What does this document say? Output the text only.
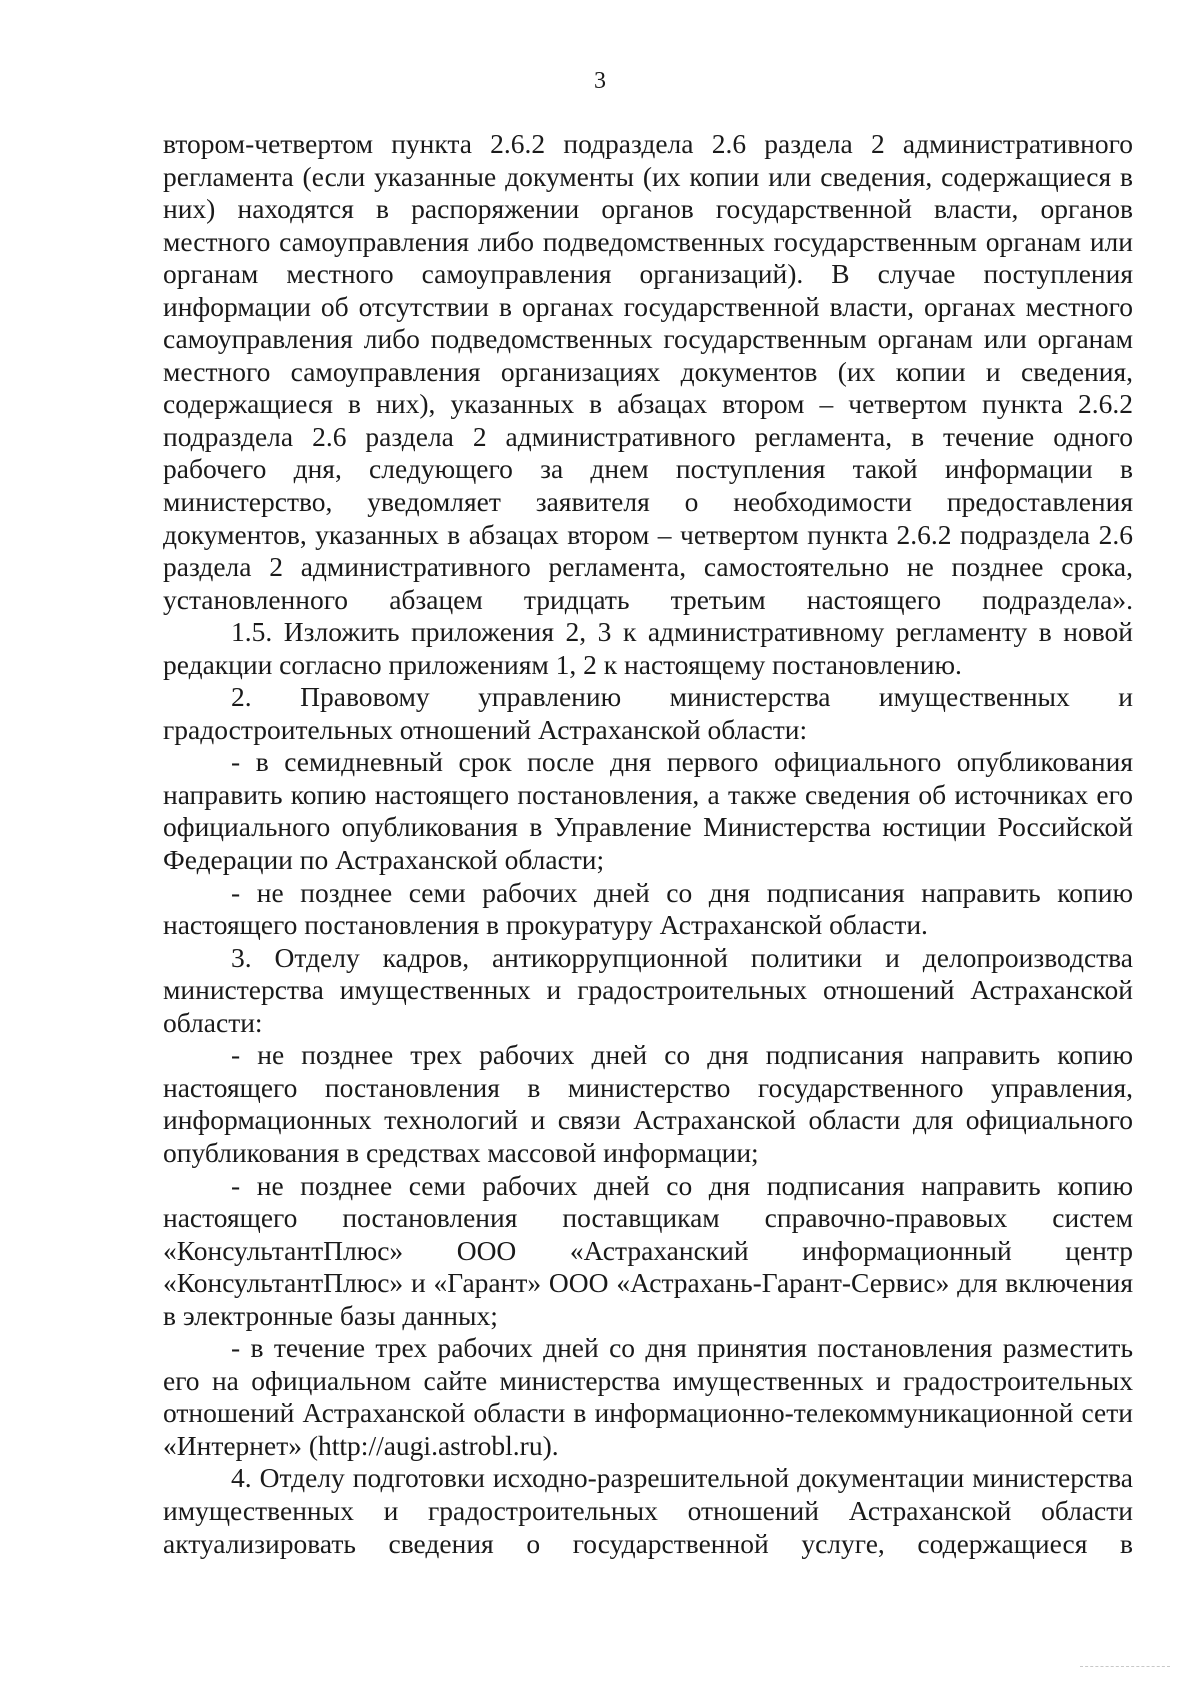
3

втором-четвертом пункта 2.6.2 подраздела 2.6 раздела 2 административного регламента (если указанные документы (их копии или сведения, содержащиеся в них) находятся в распоряжении органов государственной власти, органов местного самоуправления либо подведомственных государственным органам или органам местного самоуправления организаций). В случае поступления информации об отсутствии в органах государственной власти, органах местного самоуправления либо подведомственных государственным органам или органам местного самоуправления организациях документов (их копии и сведения, содержащиеся в них), указанных в абзацах втором – четвертом пункта 2.6.2 подраздела 2.6 раздела 2 административного регламента, в течение одного рабочего дня, следующего за днем поступления такой информации в министерство, уведомляет заявителя о необходимости предоставления документов, указанных в абзацах втором – четвертом пункта 2.6.2 подраздела 2.6 раздела 2 административного регламента, самостоятельно не позднее срока, установленного абзацем тридцать третьим настоящего подраздела».

1.5. Изложить приложения 2, 3 к административному регламенту в новой редакции согласно приложениям 1, 2 к настоящему постановлению.

2. Правовому управлению министерства имущественных и градостроительных отношений Астраханской области:

- в семидневный срок после дня первого официального опубликования направить копию настоящего постановления, а также сведения об источниках его официального опубликования в Управление Министерства юстиции Российской Федерации по Астраханской области;

- не позднее семи рабочих дней со дня подписания направить копию настоящего постановления в прокуратуру Астраханской области.

3. Отделу кадров, антикоррупционной политики и делопроизводства министерства имущественных и градостроительных отношений Астраханской области:

- не позднее трех рабочих дней со дня подписания направить копию настоящего постановления в министерство государственного управления, информационных технологий и связи Астраханской области для официального опубликования в средствах массовой информации;

- не позднее семи рабочих дней со дня подписания направить копию настоящего постановления поставщикам справочно-правовых систем «КонсультантПлюс» ООО «Астраханский информационный центр «КонсультантПлюс» и «Гарант» ООО «Астрахань-Гарант-Сервис» для включения в электронные базы данных;

- в течение трех рабочих дней со дня принятия постановления разместить его на официальном сайте министерства имущественных и градостроительных отношений Астраханской области в информационно-телекоммуникационной сети «Интернет» (http://augi.astrobl.ru).

4. Отделу подготовки исходно-разрешительной документации министерства имущественных и градостроительных отношений Астраханской области актуализировать сведения о государственной услуге, содержащиеся в
